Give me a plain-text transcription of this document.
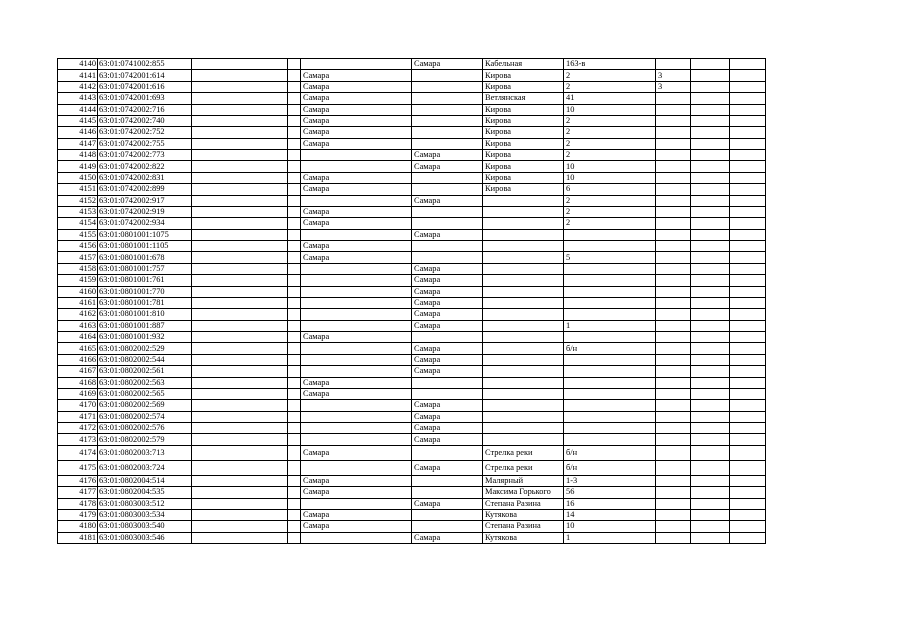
4140	63:01:0741002:855				Самара	Кабельная	163-в			
4141	63:01:0742001:614			Самара		Кирова	2	3		
4142	63:01:0742001:616			Самара		Кирова	2	3		
4143	63:01:0742001:693			Самара		Ветлянская	41			
4144	63:01:0742002:716			Самара		Кирова	10			
4145	63:01:0742002:740			Самара		Кирова	2			
4146	63:01:0742002:752			Самара		Кирова	2			
4147	63:01:0742002:755			Самара		Кирова	2			
4148	63:01:0742002:773				Самара	Кирова	2			
4149	63:01:0742002:822				Самара	Кирова	10			
4150	63:01:0742002:831			Самара		Кирова	10			
4151	63:01:0742002:899			Самара		Кирова	6			
4152	63:01:0742002:917				Самара		2			
4153	63:01:0742002:919			Самара			2			
4154	63:01:0742002:934			Самара			2			
4155	63:01:0801001:1075				Самара					
4156	63:01:0801001:1105			Самара						
4157	63:01:0801001:678			Самара			5			
4158	63:01:0801001:757				Самара					
4159	63:01:0801001:761				Самара					
4160	63:01:0801001:770				Самара					
4161	63:01:0801001:781				Самара					
4162	63:01:0801001:810				Самара					
4163	63:01:0801001:887				Самара		1			
4164	63:01:0801001:932			Самара						
4165	63:01:0802002:529				Самара		б/н			
4166	63:01:0802002:544				Самара					
4167	63:01:0802002:561				Самара					
4168	63:01:0802002:563			Самара						
4169	63:01:0802002:565			Самара						
4170	63:01:0802002:569				Самара					
4171	63:01:0802002:574				Самара					
4172	63:01:0802002:576				Самара					
4173	63:01:0802002:579				Самара					
4174	63:01:0802003:713			Самара		Стрелка реки	б/н			
4175	63:01:0802003:724				Самара	Стрелка реки	б/н			
4176	63:01:0802004:514			Самара		Малярный	1-3			
4177	63:01:0802004:535			Самара		Максима Горького	56			
4178	63:01:0803003:512				Самара	Степана Разина	16			
4179	63:01:0803003:534			Самара		Кутякова	14			
4180	63:01:0803003:540			Самара		Степана Разина	10			
4181	63:01:0803003:546				Самара	Кутякова	1			
